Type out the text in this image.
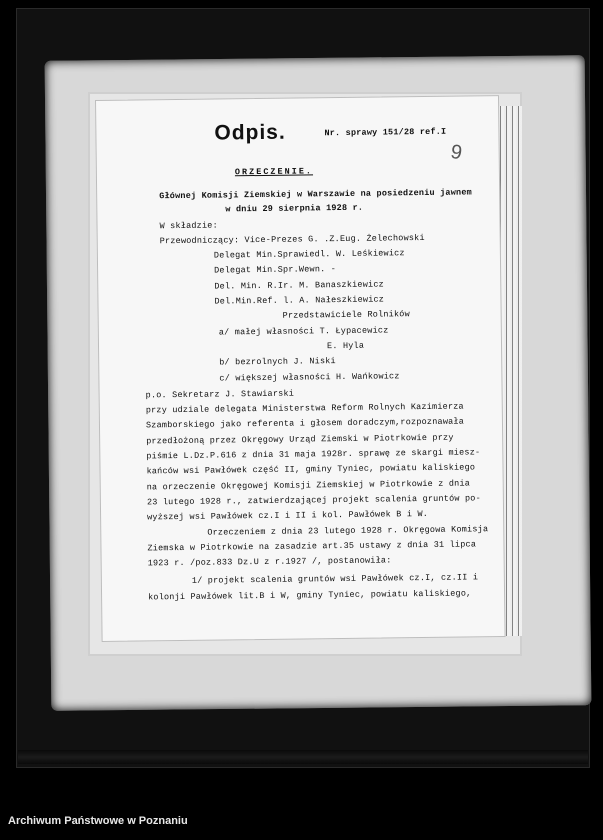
Odpis.	Nr. sprawy 151/28 ref.I
9
ORZECZENIE.
Głównej Komisji Ziemskiej w Warszawie na posiedzeniu jawnem
w dniu 29 sierpnia 1928 r.
W składzie:
Przewodniczący: Vice-Prezes G. .Z.Eug. Żelechowski
Delegat Min.Sprawiedl. W. Leśkiewicz
Delegat Min.Spr.Wewn. -
Del. Min. R.Ir. M. Banaszkiewicz
Del.Min.Ref. l. A. Nałeszkiewicz
Przedstawiciele Rolników
a/ małej własności T. Łypacewicz
E. Hyla
b/ bezrolnych J. Niski
c/ większej własności H. Wańkowicz
p.o. Sekretarz J. Stawiarski
przy udziale delegata Ministerstwa Reform Rolnych Kazimierza
Szamborskiego jako referenta i głosem doradczym,rozpoznawała
przedłożoną przez Okręgowy Urząd Ziemski w Piotrkowie przy
piśmie L.Dz.P.616 z dnia 31 maja 1928r. sprawę ze skargi miesz-
kańców wsi Pawłówek część II, gminy Tyniec, powiatu kaliskiego
na orzeczenie Okręgowej Komisji Ziemskiej w Piotrkowie z dnia
23 lutego 1928 r., zatwierdzającej projekt scalenia gruntów po-
wyższej wsi Pawłówek cz.I i II i kol. Pawłówek B i W.
Orzeczeniem z dnia 23 lutego 1928 r. Okręgowa Komisja
Ziemska w Piotrkowie na zasadzie art.35 ustawy z dnia 31 lipca
1923 r. /poz.833 Dz.U z r.1927 /, postanowiła:
1/ projekt scalenia gruntów wsi Pawłówek cz.I, cz.II i
kolonji Pawłówek lit.B i W, gminy Tyniec, powiatu kaliskiego,
Archiwum Państwowe w Poznaniu
